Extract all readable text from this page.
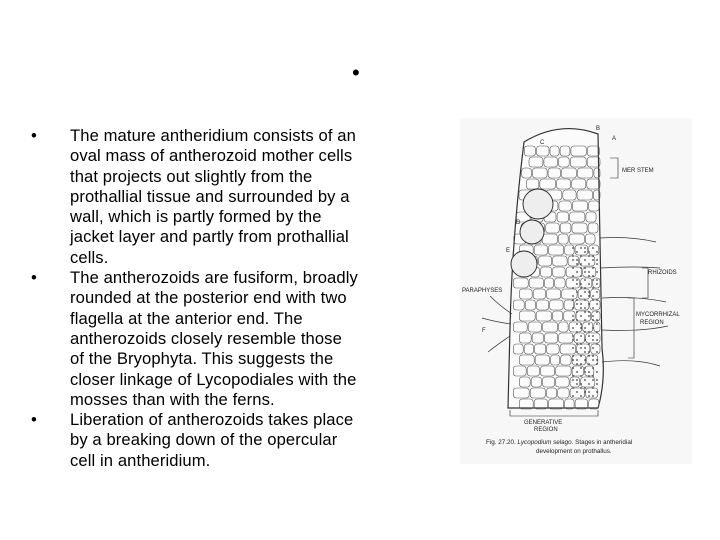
•
• The mature antheridium consists of an
oval mass of antherozoid mother cells
that projects out slightly from the
prothallial tissue and surrounded by a
wall, which is partly formed by the
jacket layer and partly from prothallial
cells.
• The antherozoids are fusiform, broadly
rounded at the posterior end with two
flagella at the anterior end. The
antherozoids closely resemble those
of the Bryophyta. This suggests the
closer linkage of Lycopodiales with the
mosses than with the ferns.
• Liberation of antherozoids takes place
by a breaking down of the opercular
cell in antheridium.
B
A
C
D
E
F
MER STEM
RHIZOIDS
PARAPHYSES
MYCORRHIZAL
REGION
GENERATIVE
REGION
Fig. 27.20. Lycopodium selago. Stages in antheridial
development on prothallus.
